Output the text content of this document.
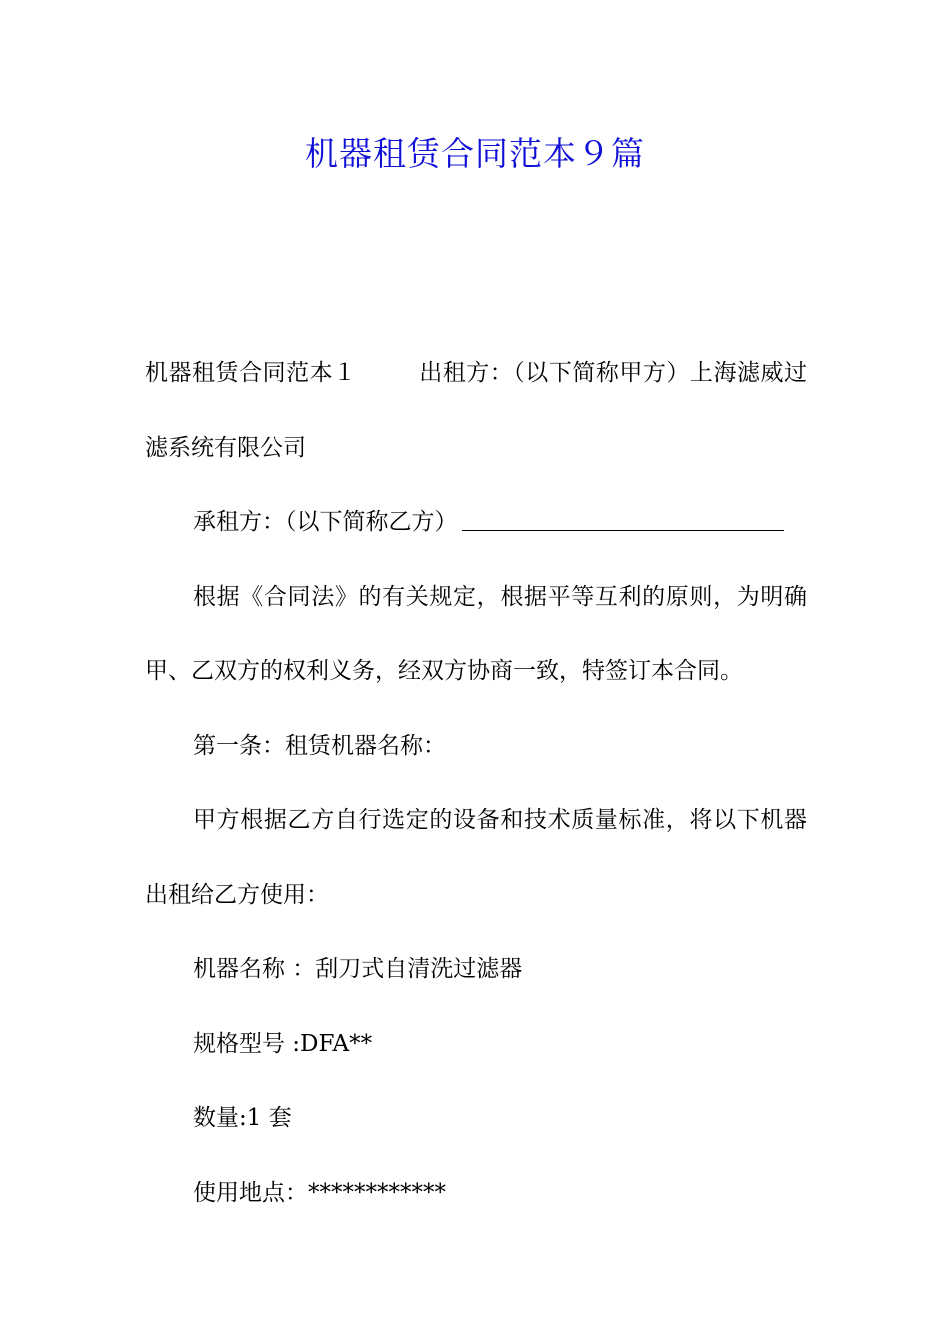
机器租赁合同范本９篇

机器租赁合同范本１	出租方：（以下简称甲方）上海滤威过滤系统有限公司

承租方：（以下简称乙方）

根据《合同法》的有关规定，根据平等互利的原则，为明确甲、乙双方的权利义务，经双方协商一致，特签订本合同。

第一条：租赁机器名称：

甲方根据乙方自行选定的设备和技术质量标准，将以下机器出租给乙方使用：

机器名称 ：刮刀式自清洗过滤器

规格型号 :DFA**

数量:1 套

使用地点：************
